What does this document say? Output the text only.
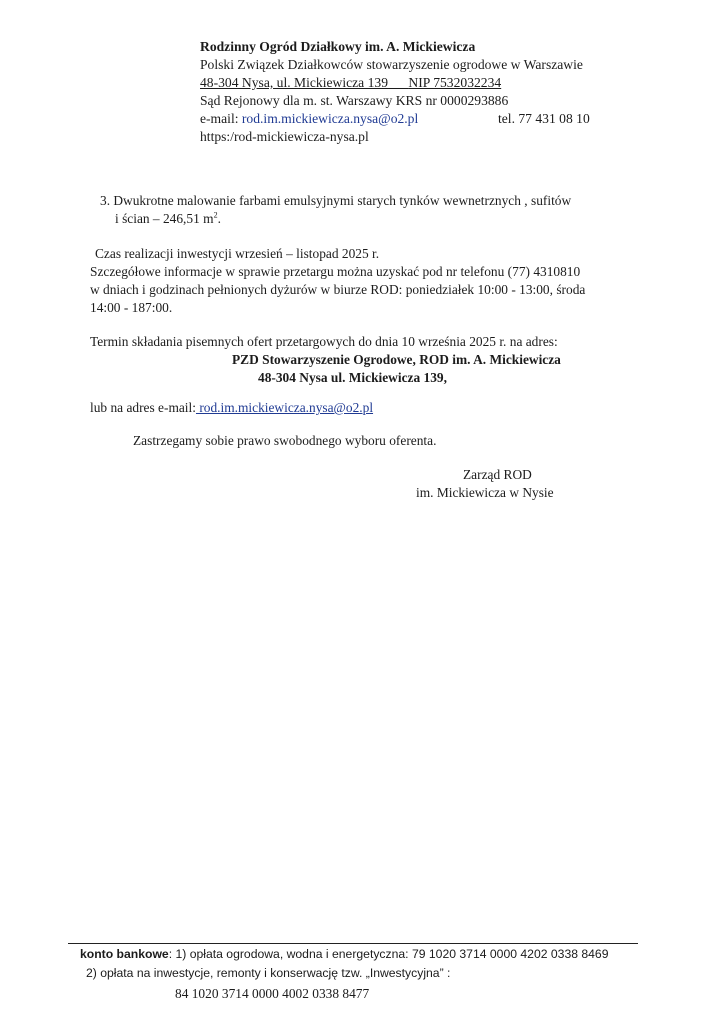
Rodzinny Ogród Działkowy im. A. Mickiewicza
Polski Związek Działkowców stowarzyszenie ogrodowe w Warszawie
48-304 Nysa, ul. Mickiewicza 139 NIP 7532032234
Sąd Rejonowy dla m. st. Warszawy KRS nr 0000293886
e-mail: rod.im.mickiewicza.nysa@o2.pl	tel. 77 431 08 10
https:/rod-mickiewicza-nysa.pl
3. Dwukrotne malowanie farbami emulsyjnymi starych tynków wewnetrznych , sufitów
i ścian – 246,51 $m^2$.
Czas realizacji inwestycji wrzesień – listopad 2025 r.
Szczegółowe informacje w sprawie przetargu można uzyskać pod nr telefonu (77) 4310810
w dniach i godzinach pełnionych dyżurów w biurze ROD: poniedziałek 10:00 - 13:00, środa
14:00 - 187:00.
Termin składania pisemnych ofert przetargowych do dnia 10 września 2025 r. na adres:
PZD Stowarzyszenie Ogrodowe, ROD im. A. Mickiewicza
48-304 Nysa ul. Mickiewicza 139,
lub na adres e-mail: rod.im.mickiewicza.nysa@o2.pl
Zastrzegamy sobie prawo swobodnego wyboru oferenta.
Zarząd ROD
im. Mickiewicza w Nysie
konto bankowe: 1) opłata ogrodowa, wodna i energetyczna: 79 1020 3714 0000 4202 0338 8469
2) opłata na inwestycje, remonty i konserwację tzw. „Inwestycyjna” :
84 1020 3714 0000 4002 0338 8477
